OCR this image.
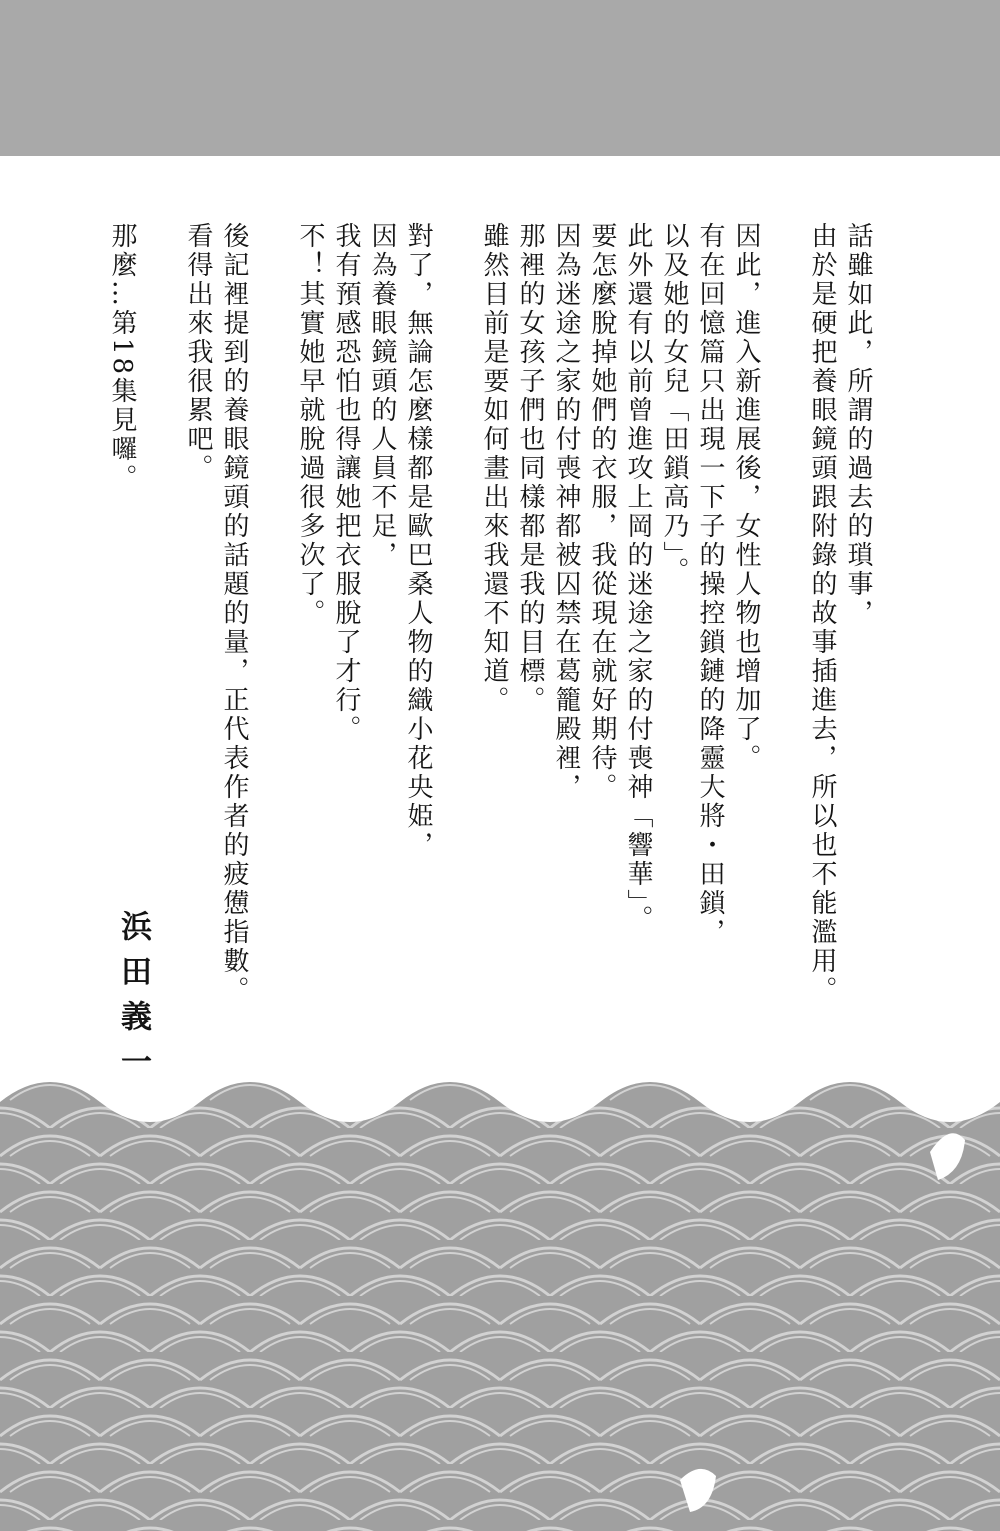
話雖如此，所謂的過去的瑣事，
由於是硬把養眼鏡頭跟附錄的故事插進去，所以也不能濫用。
因此，進入新進展後，女性人物也增加了。
有在回憶篇只出現一下子的操控鎖鏈的降靈大將・田鎖，
以及她的女兒「田鎖高乃」。
此外還有以前曾進攻上岡的迷途之家的付喪神「響華」。
要怎麼脫掉她們的衣服，我從現在就好期待。
因為迷途之家的付喪神都被囚禁在葛籠殿裡，
那裡的女孩子們也同樣都是我的目標。
雖然目前是要如何畫出來我還不知道。
對了，無論怎麼樣都是歐巴桑人物的織小花央姫，
因為養眼鏡頭的人員不足，
我有預感恐怕也得讓她把衣服脫了才行。
不！其實她早就脫過很多次了。
後記裡提到的養眼鏡頭的話題的量，正代表作者的疲憊指數。
看得出來我很累吧。
那麼…第18集見囉。
浜田義一
